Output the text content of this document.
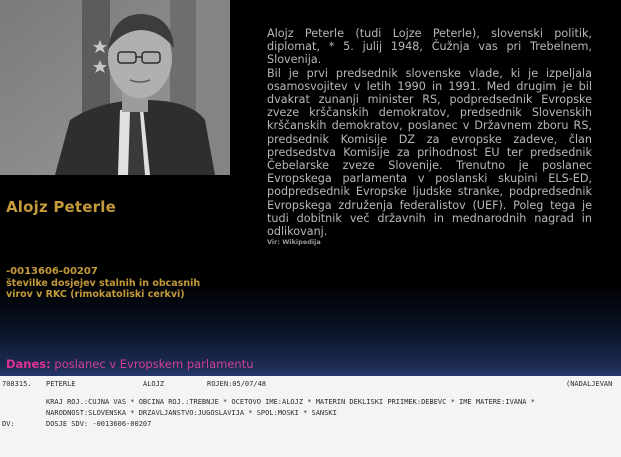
Alojz Peterle (tudi Lojze Peterle), slovenski politik, diplomat, * 5. julij 1948, Čužnja vas pri Trebelnem, Slovenija.

Bil je prvi predsednik slovenske vlade, ki je izpeljala osamosvojitev v letih 1990 in 1991. Med drugim je bil dvakrat zunanji minister RS, podpredsednik Evropske zveze krščanskih demokratov, predsednik Slovenskih krščanskih demokratov, poslanec v Državnem zboru RS, predsednik Komisije DZ za evropske zadeve, član predsedstva Komisije za prihodnost EU ter predsednik Čebelarske zveze Slovenije. Trenutno je poslanec Evropskega parlamenta v poslanski skupini ELS-ED, podpredsednik Evropske ljudske stranke, podpredsednik Evropskega združenja federalistov (UEF). Poleg tega je tudi dobitnik več državnih in mednarodnih nagrad in odlikovanj.

Vir: Wikipedija

Alojz Peterle
-0013606-00207
številke dosjejev stalnih in obcasnih
virov v RKC (rimokatoliski cerkvi)
Danes: poslanec v Evropskem parlamentu
708315. PETERLE	ALOJZ	ROJEN:05/07/48	(NADALJEVAN
KRAJ ROJ.:CUJNA VAS * OBCINA ROJ.:TREBNJE * OCETOVO IME:ALOJZ * MATERIN DEKLISKI PRIIMEK:DEBEVC * IME MATERE:IVANA *
NARODNOST:SLOVENSKA * DRZAVLJANSTVO:JUGOSLAVIJA * SPOL:MOSKI * SANSKI
DV:	DOSJE SDV: -0013606-00207
